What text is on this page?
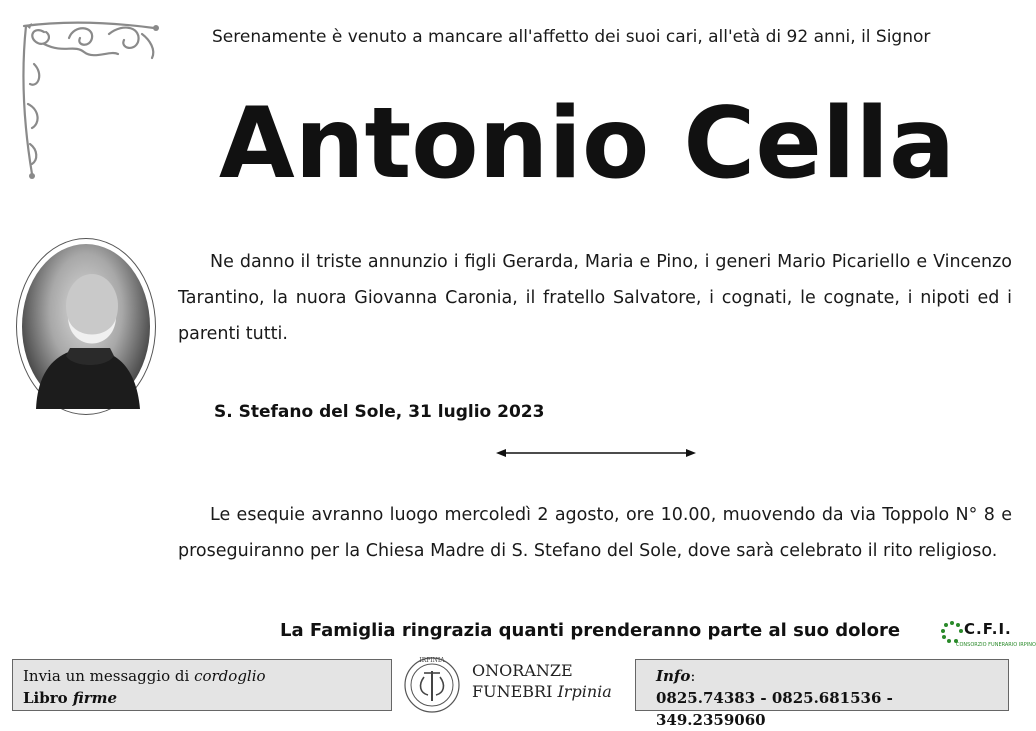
Serenamente è venuto a mancare all'affetto dei suoi cari, all'età di 92 anni, il Signor
Antonio Cella
Ne danno il triste annunzio i figli Gerarda, Maria e Pino, i generi Mario Picariello e Vincenzo Tarantino, la nuora Giovanna Caronia, il fratello Salvatore, i cognati, le cognate, i nipoti ed i parenti tutti.
S. Stefano del Sole, 31 luglio 2023
Le esequie avranno luogo mercoledì 2 agosto, ore 10.00, muovendo da via Toppolo N° 8 e proseguiranno per la Chiesa Madre di S. Stefano del Sole, dove sarà celebrato il rito religioso.
La Famiglia ringrazia quanti prenderanno parte al suo dolore	C.F.I.
CONSORZIO FUNERARIO IRPINO
Invia un messaggio di cordoglio
Libro firme
IRPINIA
ONORANZE
FUNEBRI Irpinia
Info:
0825.74383 - 0825.681536 - 349.2359060
